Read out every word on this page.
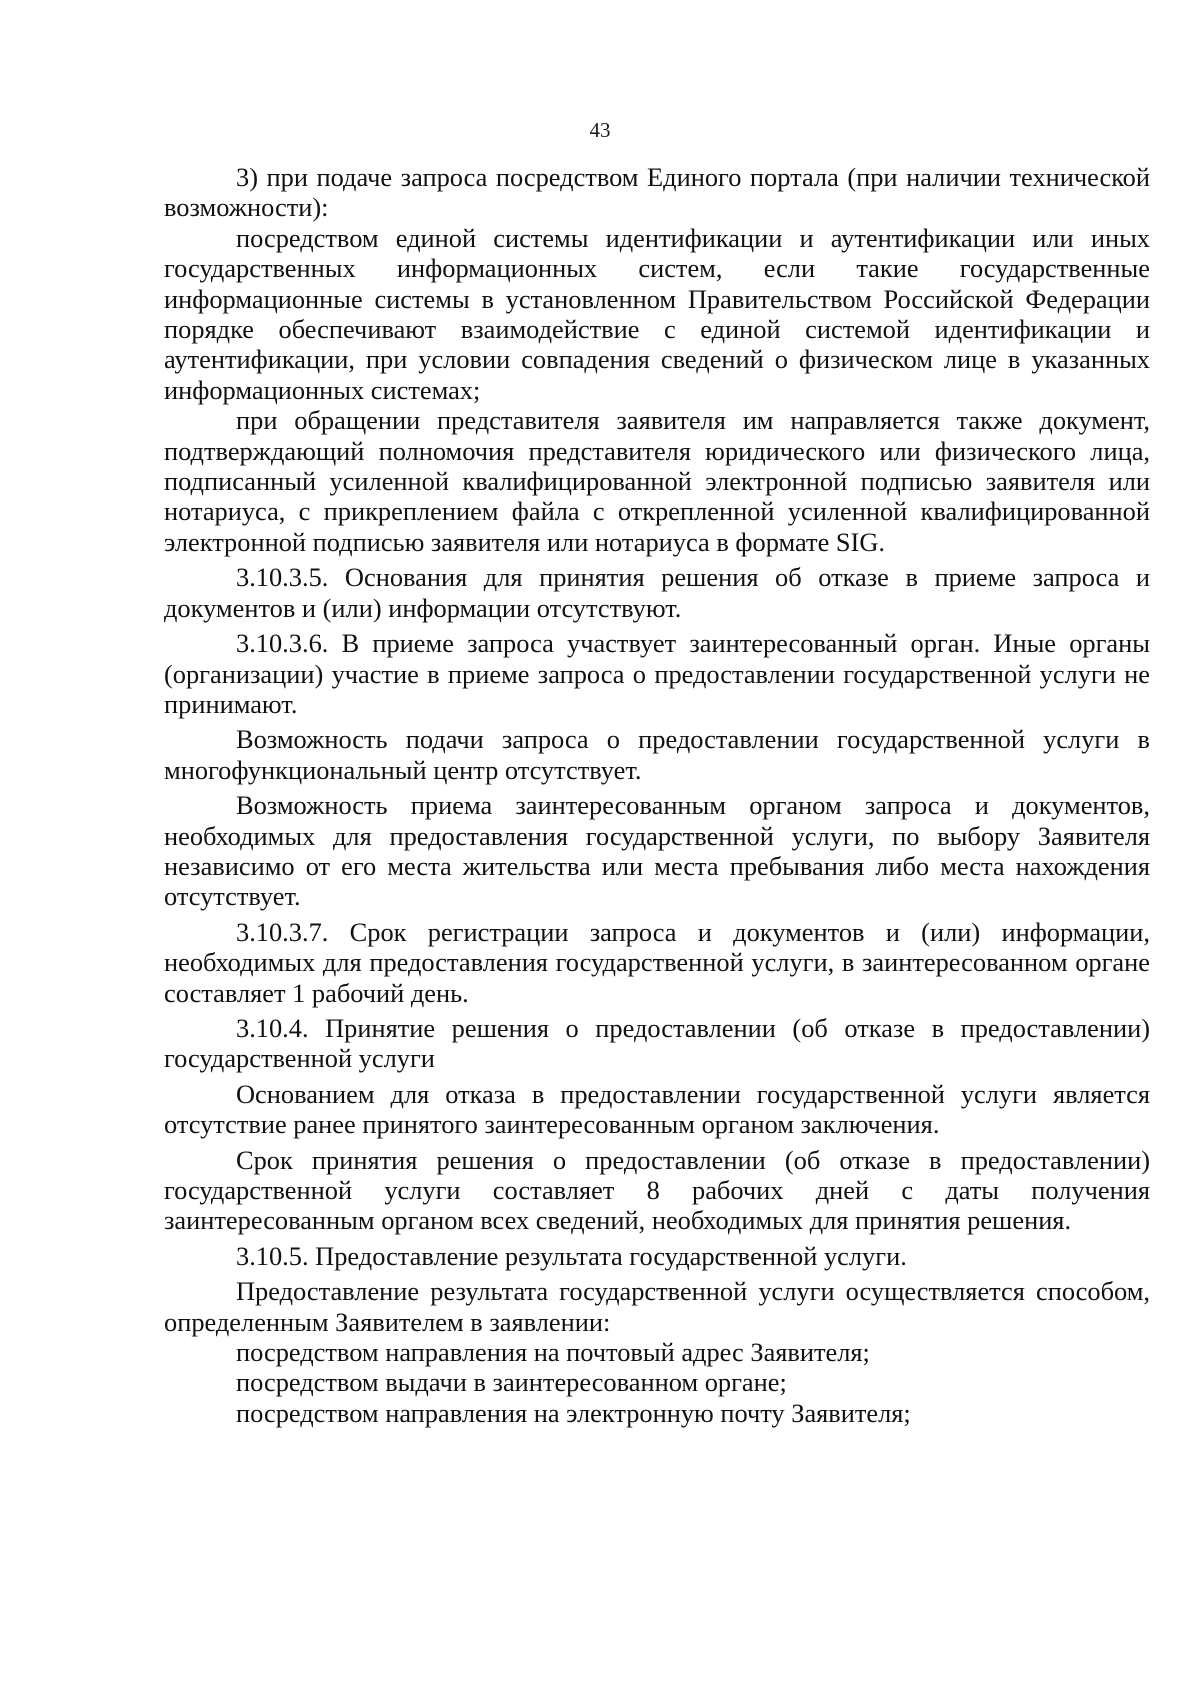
43

3) при подаче запроса посредством Единого портала (при наличии технической возможности):

посредством единой системы идентификации и аутентификации или иных государственных информационных систем, если такие государственные информационные системы в установленном Правительством Российской Федерации порядке обеспечивают взаимодействие с единой системой идентификации и аутентификации, при условии совпадения сведений о физическом лице в указанных информационных системах;

при обращении представителя заявителя им направляется также документ, подтверждающий полномочия представителя юридического или физического лица, подписанный усиленной квалифицированной электронной подписью заявителя или нотариуса, с прикреплением файла с открепленной усиленной квалифицированной электронной подписью заявителя или нотариуса в формате SIG.

3.10.3.5. Основания для принятия решения об отказе в приеме запроса и документов и (или) информации отсутствуют.

3.10.3.6. В приеме запроса участвует заинтересованный орган. Иные органы (организации) участие в приеме запроса о предоставлении государственной услуги не принимают.

Возможность подачи запроса о предоставлении государственной услуги в многофункциональный центр отсутствует.

Возможность приема заинтересованным органом запроса и документов, необходимых для предоставления государственной услуги, по выбору Заявителя независимо от его места жительства или места пребывания либо места нахождения отсутствует.

3.10.3.7. Срок регистрации запроса и документов и (или) информации, необходимых для предоставления государственной услуги, в заинтересованном органе составляет 1 рабочий день.

3.10.4. Принятие решения о предоставлении (об отказе в предоставлении) государственной услуги

Основанием для отказа в предоставлении государственной услуги является отсутствие ранее принятого заинтересованным органом заключения.

Срок принятия решения о предоставлении (об отказе в предоставлении) государственной услуги составляет 8 рабочих дней с даты получения заинтересованным органом всех сведений, необходимых для принятия решения.

3.10.5. Предоставление результата государственной услуги.

Предоставление результата государственной услуги осуществляется способом, определенным Заявителем в заявлении:

посредством направления на почтовый адрес Заявителя;

посредством выдачи в заинтересованном органе;

посредством направления на электронную почту Заявителя;
